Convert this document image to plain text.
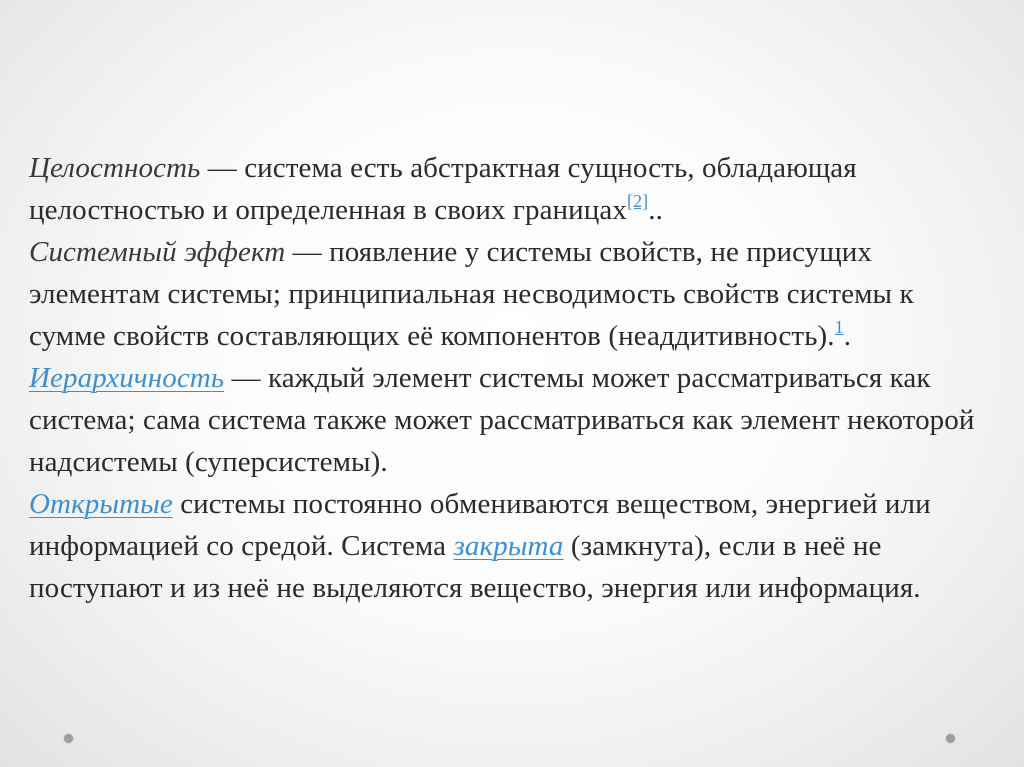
Целостность — система есть абстрактная сущность, обладающая целостностью и определенная в своих границах[2]..

Системный эффект — появление у системы свойств, не присущих элементам системы; принципиальная несводимость свойств системы к сумме свойств составляющих её компонентов (неаддитивность).$^1$.

Иерархичность — каждый элемент системы может рассматриваться как система; сама система также может рассматриваться как элемент некоторой надсистемы (суперсистемы).

Открытые системы постоянно обмениваются веществом, энергией или информацией со средой. Система закрыта (замкнута), если в неё не поступают и из неё не выделяются вещество, энергия или информация.
